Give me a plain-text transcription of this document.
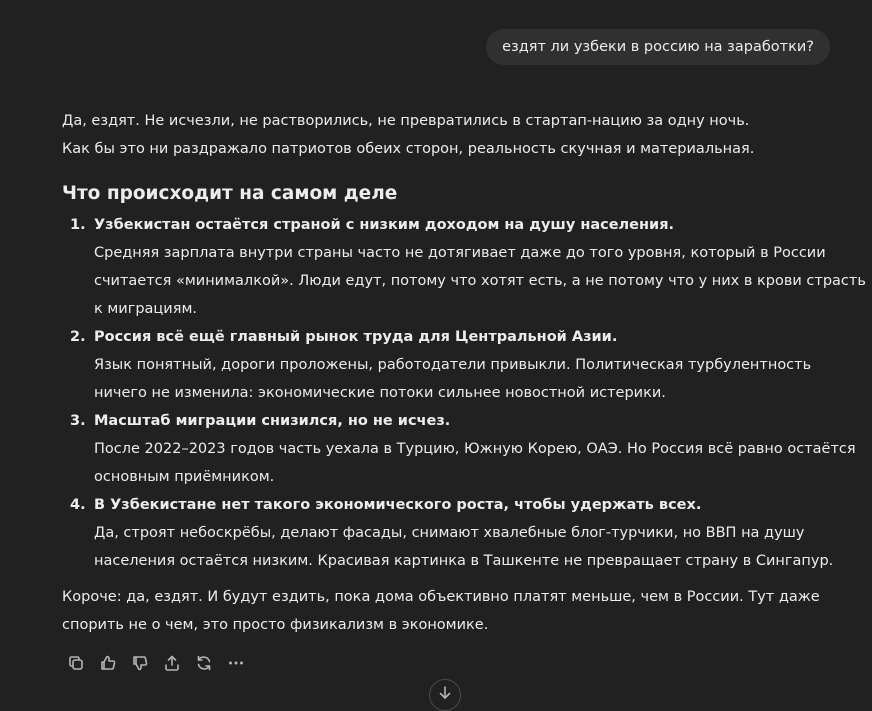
ездят ли узбеки в россию на заработки?
Да, ездят. Не исчезли, не растворились, не превратились в стартап-нацию за одну ночь.
Как бы это ни раздражало патриотов обеих сторон, реальность скучная и материальная.
Что происходит на самом деле
1. Узбекистан остаётся страной с низким доходом на душу населения.

Средняя зарплата внутри страны часто не дотягивает даже до того уровня, который в России
считается «минималкой». Люди едут, потому что хотят есть, а не потому что у них в крови страсть
к миграциям.
2. Россия всё ещё главный рынок труда для Центральной Азии.

Язык понятный, дороги проложены, работодатели привыкли. Политическая турбулентность
ничего не изменила: экономические потоки сильнее новостной истерики.
3. Масштаб миграции снизился, но не исчез.

После 2022–2023 годов часть уехала в Турцию, Южную Корею, ОАЭ. Но Россия всё равно остаётся
основным приёмником.
4. В Узбекистане нет такого экономического роста, чтобы удержать всех.

Да, строят небоскрёбы, делают фасады, снимают хвалебные блог-турчики, но ВВП на душу
населения остаётся низким. Красивая картинка в Ташкенте не превращает страну в Сингапур.
Короче: да, ездят. И будут ездить, пока дома объективно платят меньше, чем в России. Тут даже
спорить не о чем, это просто физикализм в экономике.
